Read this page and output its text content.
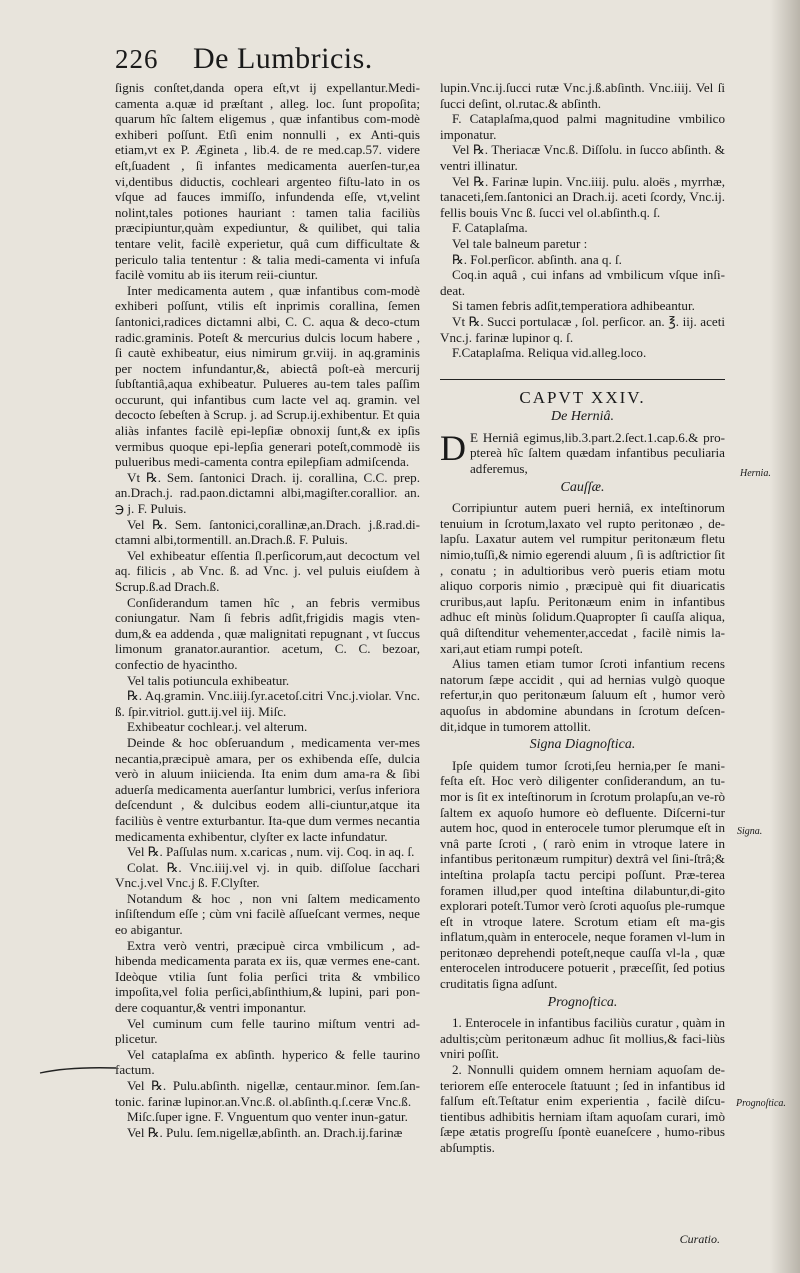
226 De Lumbricis.

ſignis conſtet,danda opera eſt,vt ij expellantur.Medi-camenta a.quæ id præſtant , alleg. loc. ſunt propoſita; quarum hîc ſaltem eligemus , quæ infantibus com-modè exhiberi poſſunt. Etſi enim nonnulli , ex Anti-quis etiam,vt ex P. Ægineta , lib.4. de re med.cap.57. videre eſt,ſuadent , ſi infantes medicamenta auerſen-tur,ea vi,dentibus diductis, cochleari argenteo fiſtu-lato in os vſque ad fauces immiſſo, infundenda eſſe, vt,velint nolint,tales potiones hauriant : tamen talia faciliùs præcipiuntur,quàm expediuntur, & quilibet, qui talia tentare velit, facilè experietur, quâ cum difficultate & periculo talia tententur : & talia medi-camenta vi infuſa facilè vomitu ab iis iterum reii-ciuntur.

Inter medicamenta autem , quæ infantibus com-modè exhiberi poſſunt, vtilis eſt inprimis corallina, ſemen ſantonici,radices dictamni albi, C. C. aqua & deco-ctum radic.graminis. Poteſt & mercurius dulcis locum habere , ſi cautè exhibeatur, eius nimirum gr.viij. in aq.graminis per noctem infundantur,&, abiectâ poſt-eà mercurij ſubſtantiâ,aqua exhibeatur. Pulueres au-tem tales paſſim occurunt, qui infantibus cum lacte vel aq. gramin. vel decocto ſebeſten à Scrup. j. ad Scrup.ij.exhibentur. Et quia aliàs infantes facilè epi-lepſiæ obnoxij ſunt,& ex ipſis vermibus quoque epi-lepſia generari poteſt,commodè iis pulueribus medi-camenta contra epilepſiam admiſcenda.

Vt ℞. Sem. ſantonici Drach. ij. corallina, C.C. prep. an.Drach.j. rad.paon.dictamni albi,magiſter.corallior. an. ℈ j. F. Puluis.

Vel ℞. Sem. ſantonici,corallinæ,an.Drach. j.ß.rad.di-ctamni albi,tormentill. an.Drach.ß. F. Puluis.

Vel exhibeatur eſſentia ſl.perſicorum,aut decoctum vel aq. filicis , ab Vnc. ß. ad Vnc. j. vel puluis eiuſdem à Scrup.ß.ad Drach.ß.

Conſiderandum tamen hîc , an febris vermibus coniungatur. Nam ſi febris adſit,frigidis magis vten-dum,& ea addenda , quæ malignitati repugnant , vt ſuccus limonum granator.aurantior. acetum, C. C. bezoar, confectio de hyacintho.

Vel talis potiuncula exhibeatur.

℞. Aq.gramin. Vnc.iiij.ſyr.acetoſ.citri Vnc.j.violar. Vnc. ß. ſpir.vitriol. gutt.ij.vel iij. Miſc.

Exhibeatur cochlear.j. vel alterum.

Deinde & hoc obſeruandum , medicamenta ver-mes necantia,præcipuè amara, per os exhibenda eſſe, dulcia verò in aluum iniicienda. Ita enim dum ama-ra & ſibi aduerſa medicamenta auerſantur lumbrici, verſus inferiora deſcendunt , & dulcibus eodem alli-ciuntur,atque ita faciliùs è ventre exturbantur. Ita-que dum vermes necantia medicamenta exhibentur, clyſter ex lacte infundatur.

Vel ℞. Paſſulas num. x.caricas , num. vij. Coq. in aq. ſ.

Colat. ℞. Vnc.iiij.vel vj. in quib. diſſolue ſacchari Vnc.j.vel Vnc.j ß. F.Clyſter.

Notandum & hoc , non vni ſaltem medicamento inſiſtendum eſſe ; cùm vni facilè aſſueſcant vermes, neque eo abigantur.

Extra verò ventri, præcipuè circa vmbilicum , ad-hibenda medicamenta parata ex iis, quæ vermes ene-cant. Ideòque vtilia ſunt folia perſici trita & vmbilico impoſita,vel folia perſici,abſinthium,& lupini, pari pon-dere coquantur,& ventri imponantur.

Vel cuminum cum felle taurino miſtum ventri ad-plicetur.

Vel cataplaſma ex abſinth. hyperico & felle taurino factum.

Vel ℞. Pulu.abſinth. nigellæ, centaur.minor. ſem.ſan-tonic. farinæ lupinor.an.Vnc.ß. ol.abſinth.q.ſ.ceræ Vnc.ß.

Miſc.ſuper igne. F. Vnguentum quo venter inun-gatur.

Vel ℞. Pulu. ſem.nigellæ,abſinth. an. Drach.ij.farinæ

lupin.Vnc.ij.ſucci rutæ Vnc.j.ß.abſinth. Vnc.iiij. Vel ſi ſucci deſint, ol.rutac.& abſinth.

F. Cataplaſma,quod palmi magnitudine vmbilico imponatur.

Vel ℞. Theriacæ Vnc.ß. Diſſolu. in ſucco abſinth. & ventri illinatur.

Vel ℞. Farinæ lupin. Vnc.iiij. pulu. aloës , myrrhæ, tanaceti,ſem.ſantonici an Drach.ij. aceti ſcordy, Vnc.ij. fellis bouis Vnc ß. ſucci vel ol.abſinth.q. ſ.

F. Cataplaſma.

Vel tale balneum paretur :

℞. Fol.perſicor. abſinth. ana q. ſ.

Coq.in aquâ , cui infans ad vmbilicum vſque inſi-deat.

Si tamen febris adſit,temperatiora adhibeantur.

Vt ℞. Succi portulacæ , ſol. perſicor. an. ℥. iij. aceti Vnc.j. farinæ lupinor q. ſ.

F.Cataplaſma. Reliqua vid.alleg.loco.

CAPVT XXIV.
De Herniâ.

D E Herniâ egimus,lib.3.part.2.ſect.1.cap.6.& pro-ptereà hîc ſaltem quædam infantibus peculiaria adferemus,

Cauſſæ.

Corripiuntur autem pueri herniâ, ex inteſtinorum tenuium in ſcrotum,laxato vel rupto peritonæo , de-lapſu. Laxatur autem vel rumpitur peritonæum fletu nimio,tuſſi,& nimio egerendi aluum , ſi is adſtrictior ſit , conatu ; in adultioribus verò pueris etiam motu aliquo corporis nimio , præcipuè qui fit diuaricatis cruribus,aut lapſu. Peritonæum enim in infantibus adhuc eſt minùs ſolidum.Quapropter ſi cauſſa aliqua, quâ diſtenditur vehementer,accedat , facilè nimis la-xari,aut etiam rumpi poteſt.

Alius tamen etiam tumor ſcroti infantium recens natorum ſæpe accidit , qui ad hernias vulgò quoque refertur,in quo peritonæum ſaluum eſt , humor verò aquoſus in abdomine abundans in ſcrotum deſcen-dit,idque in tumorem attollit.

Signa Diagnoſtica.

Ipſe quidem tumor ſcroti,ſeu hernia,per ſe mani-feſta eſt. Hoc verò diligenter conſiderandum, an tu-mor is ſit ex inteſtinorum in ſcrotum prolapſu,an ve-rò ſaltem ex aquoſo humore eò defluente. Diſcerni-tur autem hoc, quod in enterocele tumor plerumque eſt in vnâ parte ſcroti , ( rarò enim in vtroque latere in infantibus peritonæum rumpitur) dextrâ vel ſini-ſtrâ;& inteſtina prolapſa tactu percipi poſſunt. Præ-terea foramen illud,per quod inteſtina dilabuntur,di-gito explorari poteſt.Tumor verò ſcroti aquoſus ple-rumque eſt in vtroque latere. Scrotum etiam eſt ma-gis inflatum,quàm in enterocele, neque foramen vl-lum in peritonæo deprehendi poteſt,neque cauſſa vl-la , quæ enterocelen introducere potuerit , præceſſit, ſed potius cruditatis ſigna adſunt.

Prognoſtica.

1. Enterocele in infantibus faciliùs curatur , quàm in adultis;cùm peritonæum adhuc ſit mollius,& faci-liùs vniri poſſit.

2. Nonnulli quidem omnem herniam aquoſam de-teriorem eſſe enterocele ſtatuunt ; ſed in infantibus id falſum eſt.Teſtatur enim experientia , facilè diſcu-tientibus adhibitis herniam iſtam aquoſam curari, imò ſæpe ætatis progreſſu ſpontè euaneſcere , humo-ribus abſumptis.

Hernia.
Signa.
Prognoſtica.
Curatio.
